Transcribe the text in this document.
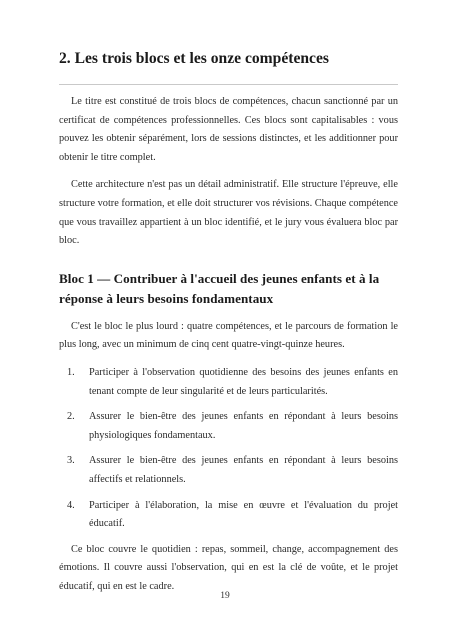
2. Les trois blocs et les onze compétences

Le titre est constitué de trois blocs de compétences, chacun sanctionné par un certificat de compétences professionnelles. Ces blocs sont capitalisables : vous pouvez les obtenir séparément, lors de sessions distinctes, et les additionner pour obtenir le titre complet.

Cette architecture n'est pas un détail administratif. Elle structure l'épreuve, elle structure votre formation, et elle doit structurer vos révisions. Chaque compétence que vous travaillez appartient à un bloc identifié, et le jury vous évaluera bloc par bloc.

Bloc 1 — Contribuer à l'accueil des jeunes enfants et à la réponse à leurs besoins fondamentaux

C'est le bloc le plus lourd : quatre compétences, et le parcours de formation le plus long, avec un minimum de cinq cent quatre-vingt-quinze heures.

1.	Participer à l'observation quotidienne des besoins des jeunes enfants en tenant compte de leur singularité et de leurs particularités.
2.	Assurer le bien-être des jeunes enfants en répondant à leurs besoins physiologiques fondamentaux.
3.	Assurer le bien-être des jeunes enfants en répondant à leurs besoins affectifs et relationnels.
4.	Participer à l'élaboration, la mise en œuvre et l'évaluation du projet éducatif.

Ce bloc couvre le quotidien : repas, sommeil, change, accompagnement des émotions. Il couvre aussi l'observation, qui en est la clé de voûte, et le projet éducatif, qui en est le cadre.

19
